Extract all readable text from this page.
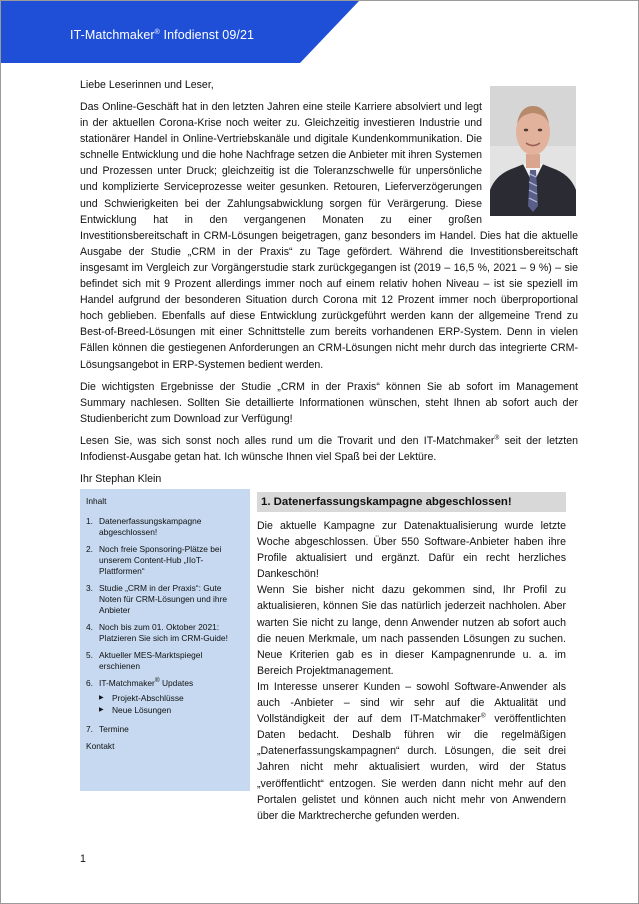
IT-Matchmaker® Infodienst 09/21
Liebe Leserinnen und Leser,

Das Online-Geschäft hat in den letzten Jahren eine steile Karriere absolviert und legt in der aktuellen Corona-Krise noch weiter zu. Gleichzeitig investieren Industrie und stationärer Handel in Online-Vertriebskanäle und digitale Kundenkommunikation. Die schnelle Entwicklung und die hohe Nachfrage setzen die Anbieter mit ihren Systemen und Prozessen unter Druck; gleichzeitig ist die Toleranzschwelle für unpersönliche und komplizierte Serviceprozesse weiter gesunken. Retouren, Lieferverzögerungen und Schwierigkeiten bei der Zahlungsabwicklung sorgen für Verärgerung. Diese Entwicklung hat in den vergangenen Monaten zu einer großen Investitionsbereitschaft in CRM-Lösungen beigetragen, ganz besonders im Handel. Dies hat die aktuelle Ausgabe der Studie „CRM in der Praxis“ zu Tage gefördert. Während die Investitionsbereitschaft insgesamt im Vergleich zur Vorgängerstudie stark zurückgegangen ist (2019 – 16,5 %, 2021 – 9 %) – sie befindet sich mit 9 Prozent allerdings immer noch auf einem relativ hohen Niveau – ist sie speziell im Handel aufgrund der besonderen Situation durch Corona mit 12 Prozent immer noch überproportional hoch geblieben. Ebenfalls auf diese Entwicklung zurückgeführt werden kann der allgemeine Trend zu Best-of-Breed-Lösungen mit einer Schnittstelle zum bereits vorhandenen ERP-System. Denn in vielen Fällen können die gestiegenen Anforderungen an CRM-Lösungen nicht mehr durch das integrierte CRM-Lösungsangebot in ERP-Systemen bedient werden.

Die wichtigsten Ergebnisse der Studie „CRM in der Praxis“ können Sie ab sofort im Management Summary nachlesen. Sollten Sie detaillierte Informationen wünschen, steht Ihnen ab sofort auch der Studienbericht zum Download zur Verfügung!

Lesen Sie, was sich sonst noch alles rund um die Trovarit und den IT-Matchmaker® seit der letzten Infodienst-Ausgabe getan hat. Ich wünsche Ihnen viel Spaß bei der Lektüre.

Ihr Stephan Klein

Inhalt
1. Datenerfassungskampagne abgeschlossen!
2. Noch freie Sponsoring-Plätze bei unserem Content-Hub „IIoT-Plattformen“
3. Studie „CRM in der Praxis“: Gute Noten für CRM-Lösungen und ihre Anbieter
4. Noch bis zum 01. Oktober 2021: Platzieren Sie sich im CRM-Guide!
5. Aktueller MES-Marktspiegel erschienen
6. IT-Matchmaker® Updates
▶ Projekt-Abschlüsse
▶ Neue Lösungen
7. Termine
Kontakt
1. Datenerfassungskampagne abgeschlossen!

Die aktuelle Kampagne zur Datenaktualisierung wurde letzte Woche abgeschlossen. Über 550 Software-Anbieter haben ihre Profile aktualisiert und ergänzt. Dafür ein recht herzliches Dankeschön!

Wenn Sie bisher nicht dazu gekommen sind, Ihr Profil zu aktualisieren, können Sie das natürlich jederzeit nachholen. Aber warten Sie nicht zu lange, denn Anwender nutzen ab sofort auch die neuen Merkmale, um nach passenden Lösungen zu suchen. Neue Kriterien gab es in dieser Kampagnenrunde u. a. im Bereich Projektmanagement.

Im Interesse unserer Kunden – sowohl Software-Anwender als auch -Anbieter – sind wir sehr auf die Aktualität und Vollständigkeit der auf dem IT-Matchmaker® veröffentlichten Daten bedacht. Deshalb führen wir die regelmäßigen „Datenerfassungskampagnen“ durch. Lösungen, die seit drei Jahren nicht mehr aktualisiert wurden, wird der Status „veröffentlicht“ entzogen. Sie werden dann nicht mehr auf den Portalen gelistet und können auch nicht mehr von Anwendern über die Marktrecherche gefunden werden.

1
